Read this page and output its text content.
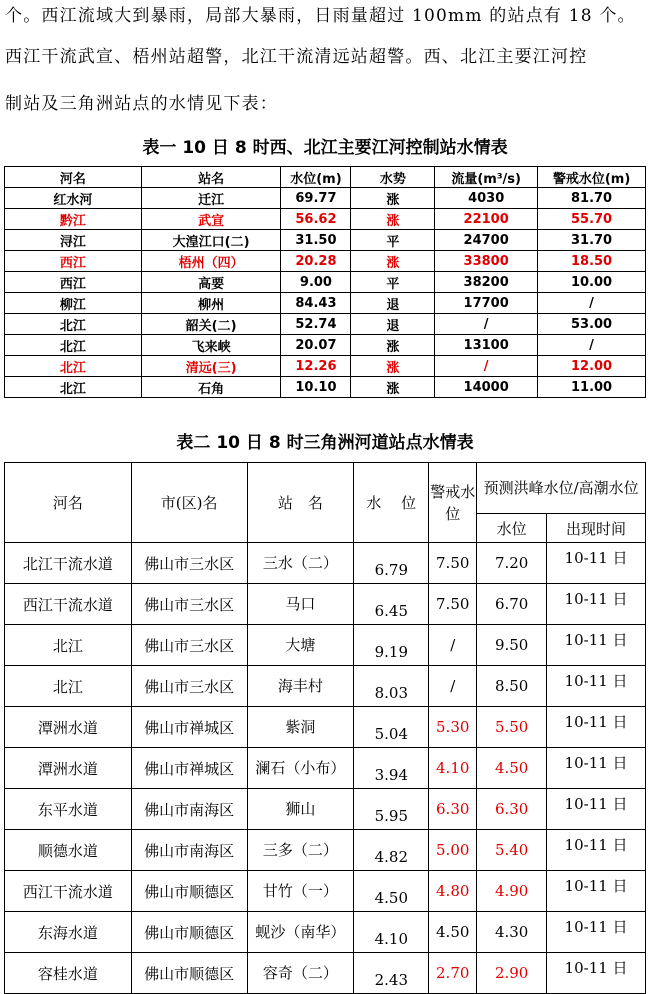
个。西江流域大到暴雨，局部大暴雨，日雨量超过 100mm 的站点有 18 个。
西江干流武宣、梧州站超警，北江干流清远站超警。西、北江主要江河控
制站及三角洲站点的水情见下表：
表一 10 日 8 时西、北江主要江河控制站水情表
河名	站名	水位(m)	水势	流量(m³/s)	警戒水位(m)
红水河	迁江	69.77	涨	4030	81.70
黔江	武宣	56.62	涨	22100	55.70
浔江	大湟江口(二)	31.50	平	24700	31.70
西江	梧州（四）	20.28	涨	33800	18.50
西江	高要	9.00	平	38200	10.00
柳江	柳州	84.43	退	17700	/
北江	韶关(二)	52.74	退	/	53.00
北江	飞来峡	20.07	涨	13100	/
北江	清远(三)	12.26	涨	/	12.00
北江	石角	10.10	涨	14000	11.00
表二 10 日 8 时三角洲河道站点水情表
河名	市(区)名	站　名	水　 位	警戒水位	预测洪峰水位/高潮水位	
					水位	出现时间
北江干流水道	佛山市三水区	三水（二）	6.79	7.50	7.20	10-11 日
西江干流水道	佛山市三水区	马口	6.45	7.50	6.70	10-11 日
北江	佛山市三水区	大塘	9.19	/	9.50	10-11 日
北江	佛山市三水区	海丰村	8.03	/	8.50	10-11 日
潭洲水道	佛山市禅城区	紫洞	5.04	5.30	5.50	10-11 日
潭洲水道	佛山市禅城区	澜石（小布）	3.94	4.10	4.50	10-11 日
东平水道	佛山市南海区	狮山	5.95	6.30	6.30	10-11 日
顺德水道	佛山市南海区	三多（二）	4.82	5.00	5.40	10-11 日
西江干流水道	佛山市顺德区	甘竹（一）	4.50	4.80	4.90	10-11 日
东海水道	佛山市顺德区	蚬沙（南华）	4.10	4.50	4.30	10-11 日
容桂水道	佛山市顺德区	容奇（二）	2.43	2.70	2.90	10-11 日
